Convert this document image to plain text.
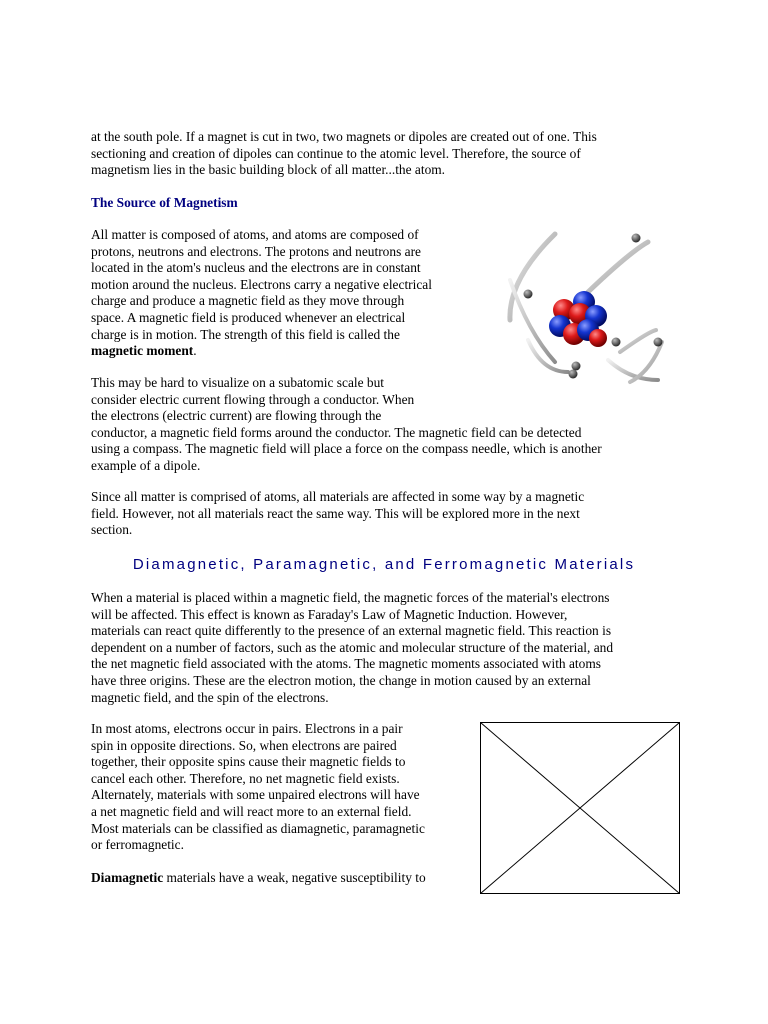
at the south pole. If a magnet is cut in two, two magnets or dipoles are created out of one. This
sectioning and creation of dipoles can continue to the atomic level. Therefore, the source of
magnetism lies in the basic building block of all matter...the atom.
The Source of Magnetism
All matter is composed of atoms, and atoms are composed of
protons, neutrons and electrons. The protons and neutrons are
located in the atom's nucleus and the electrons are in constant
motion around the nucleus. Electrons carry a negative electrical
charge and produce a magnetic field as they move through
space. A magnetic field is produced whenever an electrical
charge is in motion. The strength of this field is called the
magnetic moment.
This may be hard to visualize on a subatomic scale but
consider electric current flowing through a conductor. When
the electrons (electric current) are flowing through the
conductor, a magnetic field forms around the conductor. The magnetic field can be detected
using a compass. The magnetic field will place a force on the compass needle, which is another
example of a dipole.
Since all matter is comprised of atoms, all materials are affected in some way by a magnetic
field. However, not all materials react the same way. This will be explored more in the next
section.
Diamagnetic, Paramagnetic, and Ferromagnetic Materials
When a material is placed within a magnetic field, the magnetic forces of the material's electrons
will be affected. This effect is known as Faraday's Law of Magnetic Induction. However,
materials can react quite differently to the presence of an external magnetic field. This reaction is
dependent on a number of factors, such as the atomic and molecular structure of the material, and
the net magnetic field associated with the atoms. The magnetic moments associated with atoms
have three origins. These are the electron motion, the change in motion caused by an external
magnetic field, and the spin of the electrons.
In most atoms, electrons occur in pairs. Electrons in a pair
spin in opposite directions. So, when electrons are paired
together, their opposite spins cause their magnetic fields to
cancel each other. Therefore, no net magnetic field exists.
Alternately, materials with some unpaired electrons will have
a net magnetic field and will react more to an external field.
Most materials can be classified as diamagnetic, paramagnetic
or ferromagnetic.
Diamagnetic materials have a weak, negative susceptibility to
